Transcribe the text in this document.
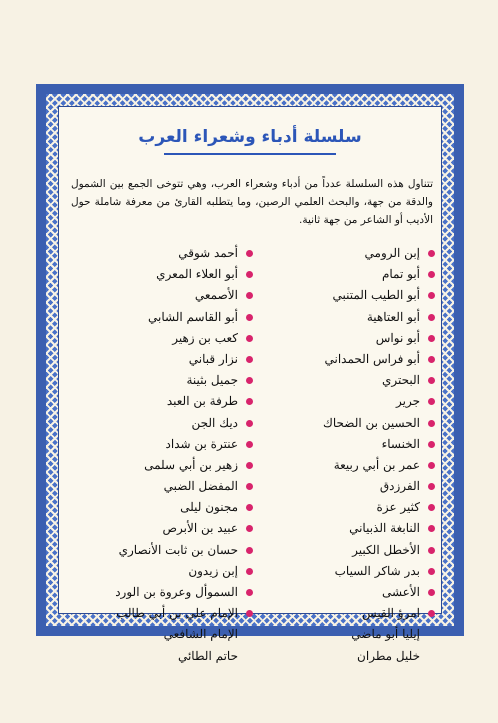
سلسلة أدباء وشعراء العرب
تتناول هذه السلسلة عدداً من أدباء وشعراء العرب، وهي تتوخى الجمع بين الشمول والدقة من جهة، والبحث العلمي الرصين، وما يتطلبه القارئ من معرفة شاملة حول الأديب أو الشاعر من جهة ثانية.
إبن الرومي
أبو تمام
أبو الطيب المتنبي
أبو العتاهية
أبو نواس
أبو فراس الحمداني
البحتري
جرير
الحسين بن الضحاك
الخنساء
عمر بن أبي ربيعة
الفرزدق
كثير عزة
النابغة الذبياني
الأخطل الكبير
بدر شاكر السياب
الأعشى
امرؤ القيس
إيليا أبو ماضي
خليل مطران
أحمد شوقي
أبو العلاء المعري
الأصمعي
أبو القاسم الشابي
كعب بن زهير
نزار قباني
جميل بثينة
طرفة بن العبد
ديك الجن
عنترة بن شداد
زهير بن أبي سلمى
المفضل الضبي
مجنون ليلى
عبيد بن الأبرص
حسان بن ثابت الأنصاري
إبن زيدون
السموأل وعروة بن الورد
الإمام علي بن أبي طالب
الإمام الشافعي
حاتم الطائي
